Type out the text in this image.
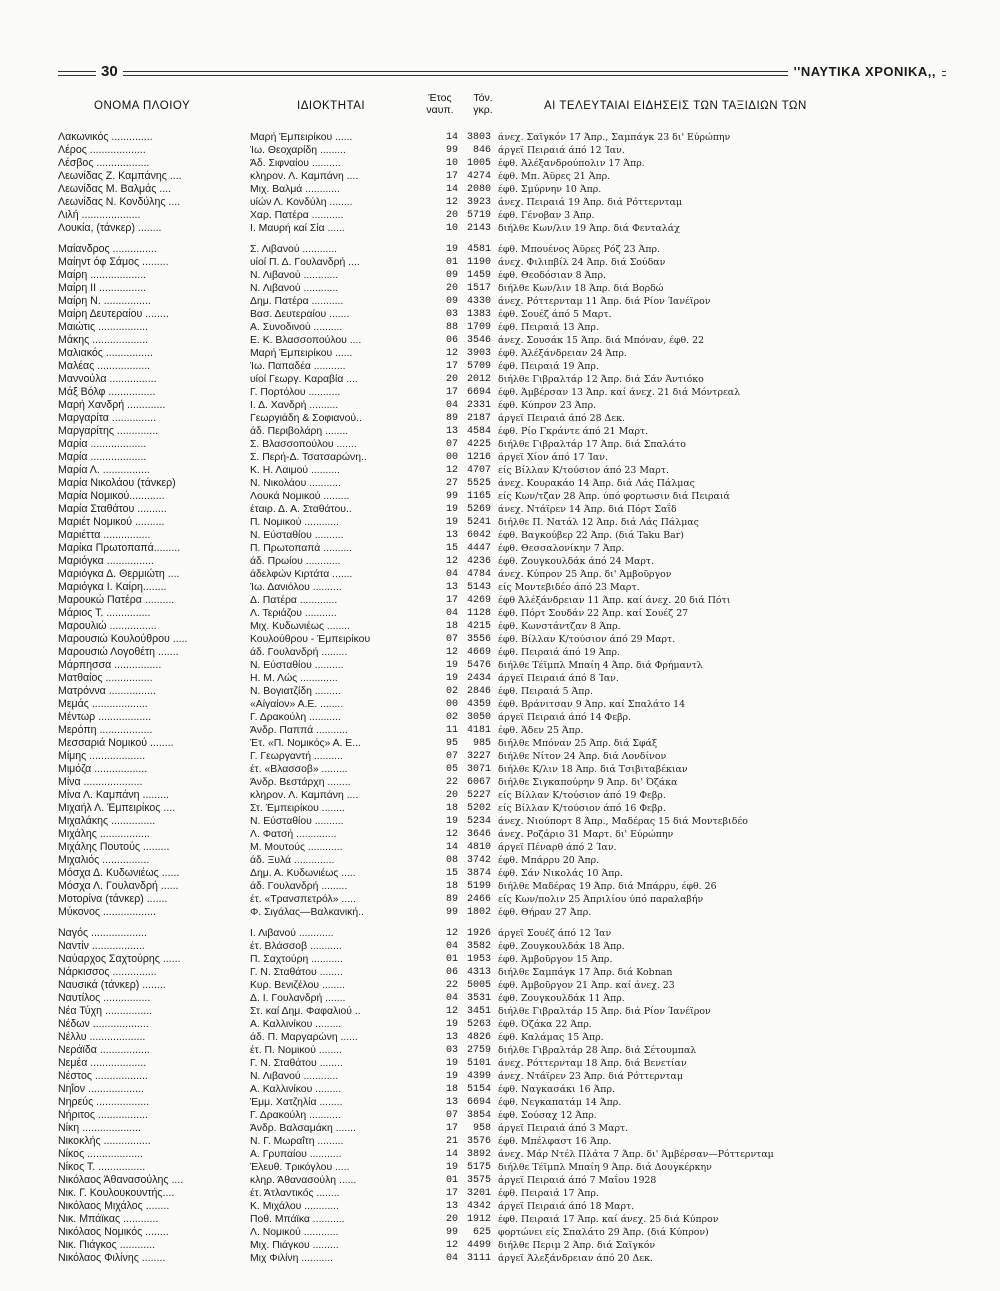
30	''ΝΑΥΤΙΚΑ ΧΡΟΝΙΚΑ,,
ΟΝΟΜΑ ΠΛΟΙΟΥ	ΙΔΙΟΚΤΗΤΑΙ
Έτος
ναυπ.
Τόν.
γκρ.	ΑΙ ΤΕΛΕΥΤΑΙΑΙ ΕΙΔΗΣΕΙΣ ΤΩΝ ΤΑΞΙΔΙΩΝ ΤΩΝ
Λακωνικός ..............	Μαρή Έμπειρίκου ......	14 3803 άνεχ. Σαϊγκόν 17 Άπρ., Σαμπάγκ 23 δι' Εύρώπην
Λέρος ...................	Ίω. Θεοχαρίδη .........	99	846 άργεϊ Πειραιά άπό 12 Ίαν.
Λέσβος ..................	Άδ. Σιφναίου ..........	10 1005 έφθ. Άλέξανδρούπολιν 17 Άπρ.
Λεωνίδας Ζ. Καμπάνης ....	κληρον. Λ. Καμπάνη ....	17 4274 έφθ. Μπ. Άϋρες 21 Άπρ.
Λεωνίδας Μ. Βαλμάς ....	Μιχ. Βαλμά ............	14 2080 έφθ. Σμύρνην 10 Άπρ.
Λεωνίδας Ν. Κονδύλης ....	υίών Λ. Κονδύλη ........	12 3923 άνεχ. Πειραιά 19 Άπρ. διά Ρόττερνταμ
Λιλή ....................	Χαρ. Πατέρα ...........	20 5719 έφθ. Γένοβαν 3 Άπρ.
Λουκία, (τάνκερ) ........	Ι. Μαυρή καί Σία ......	10 2143 διήλθε Κων/λιν 19 Άπρ. διά Φενταλάχ
Μαίανδρος ...............	Σ. Λιβανού ............	19 4581 έφθ. Μπουένος Άϋρες Ρόζ 23 Άπρ.
Μαίηντ όφ Σάμος .........	υίοί Π. Δ. Γουλανδρή ....	01 1190 άνεχ. Φιλιπβίλ 24 Άπρ. διά Σούδαν
Μαίρη ...................	Ν. Λιβανού ............	09 1459 έφθ. Θεοδόσιαν 8 Άπρ.
Μαίρη ΙΙ ................	Ν. Λιβανού ............	20 1517 διήλθε Κων/λιν 18 Άπρ. διά Βορδώ
Μαίρη Ν. ................	Δημ. Πατέρα ...........	09 4330 άνεχ. Ρόττερνταμ 11 Άπρ. διά Ρίον Ίανέϊρον
Μαίρη Δευτεραίου ........	Βασ. Δευτεραίου .......	03 1383 έφθ. Σουέζ άπό 5 Μαρτ.
Μαιώτις .................	Α. Συνοδινού ..........	88 1709 έφθ. Πειραιά 13 Άπρ.
Μάκης ...................	Ε. Κ. Βλασσοπούλου ....	06 3546 άνεχ. Σουσάκ 15 Άπρ. διά Μπόναν, έφθ. 22
Μαλιακός ................	Μαρή Έμπειρίκου ......	12 3903 έφθ. Άλέξάνδρειαν 24 Άπρ.
Μαλέας ..................	Ίω. Παπαδέα ...........	17 5709 έφθ. Πειραιά 19 Άπρ.
Μαννούλα ................	υίοί Γεωργ. Καραβία ....	20 2012 διήλθε Γιβραλτάρ 12 Άπρ. διά Σάν Άντιόκο
Μάξ Βόλφ ................	Γ. Πορτόλου ...........	17 6694 έφθ. Άμβέρσαν 13 Άπρ. καί άνεχ. 21 διά Μόντρεαλ
Μαρή Χανδρή .............	Ι. Δ. Χανδρή ..........	04 2331 έφθ. Κύπρον 23 Άπρ.
Μαργαρίτα ...............	Γεωργιάδη & Σοφιανού..	89 2187 άργεϊ Πειραιά άπό 28 Δεκ.
Μαργαρίτης ..............	άδ. Περιβολάρη ........	13 4584 έφθ. Ρίο Γκράντε άπό 21 Μαρτ.
Μαρία ...................	Σ. Βλασσοπούλου .......	07 4225 διήλθε Γιβραλτάρ 17 Άπρ. διά Σπαλάτο
Μαρία ...................	Σ. Περή-Δ. Τσατσαρώνη..	00 1216 άργεϊ Χίον άπό 17 Ίαν.
Μαρία Λ. ................	Κ. Η. Λαιμού ..........	12 4707 είς Βίλλαν Κ/τούσιον άπό 23 Μαρτ.
Μαρία Νικολάου (τάνκερ)	Ν. Νικολάου ...........	27 5525 άνεχ. Κουρακάο 14 Άπρ. διά Λάς Πάλμας
Μαρία Νομικού............	Λουκά Νομικού .........	99 1165 είς Κων/τζαν 28 Άπρ. ύπό φορτωσιν διά Πειραιά
Μαρία Σταθάτου ..........	έταιρ. Δ. Α. Σταθάτου..	19 5269 άνεχ. Ντάϊρεν 14 Άπρ. διά Πόρτ Σαΐδ
Μαριέτ Νομικού ..........	Π. Νομικού ............	19 5241 διήλθε Π. Νατάλ 12 Άπρ. διά Λάς Πάλμας
Μαριέττα ................	Ν. Εύσταθίου ..........	13 6042 έφθ. Βαγκούβερ 22 Άπρ. (διά Taku Bar)
Μαρίκα Πρωτοπαπά.........	Π. Πρωτοπαπά ..........	15 4447 έφθ. Θεσσαλονίκην 7 Άπρ.
Μαριόγκα ................	άδ. Πρωίου ............	12 4236 έφθ. Ζουγκουλδάκ άπό 24 Μαρτ.
Μαριόγκα Δ. Θερμιώτη ....	άδελφών Κιρτάτα .......	04 4784 άνεχ. Κύπρον 25 Άπρ. δι' Άμβοῦργον
Μαριόγκα Ι. Καίρη........	Ίω. Δανιόλου ..........	13 5143 είς Μοντεβιδέο άπό 23 Μαρτ.
Μαρουκώ Πατέρα ..........	Δ. Πατέρα .............	17 4269 έφθ Άλέξάνδρειαν 11 Άπρ. καί άνεχ. 20 διά Πότι
Μάριος Τ. ...............	Λ. Τεριάζου ...........	04 1128 έφθ. Πόρτ Σουδάν 22 Άπρ. καί Σουέζ 27
Μαρουλιώ ................	Μιχ. Κυδωνιέως ........	18 4215 έφθ. Κωνστάντζαν 8 Άπρ.
Μαρουσιώ Κουλούθρου .....	Κουλούθρου - Έμπειρίκου	07 3556 έφθ. Βίλλαν Κ/τούσιον άπό 29 Μαρτ.
Μαρουσιώ Λογοθέτη .......	άδ. Γουλανδρή .........	12 4669 έφθ. Πειραιά άπό 19 Άπρ.
Μάρπησσα ................	Ν. Εύσταθίου ..........	19 5476 διήλθε Τέϊμπλ Μπαίη 4 Άπρ. διά Φρήμαντλ
Ματθαίος ................	Η. Μ. Λώς .............	19 2434 άργεϊ Πειραιά άπό 8 Ίαν.
Ματρόννα ................	Ν. Βογιατζίδη .........	02 2846 έφθ. Πειραιά 5 Άπρ.
Μεμάς ...................	«Αίγαίον» Α.Ε. ........	00 4359 έφθ. Βράνιτσαν 9 Άπρ. καί Σπαλάτο 14
Μέντωρ ..................	Γ. Δρακούλη ...........	02 3050 άργεϊ Πειραιά άπό 14 Φεβρ.
Μερόπη ..................	Άνδρ. Παππά ...........	11 4181 έφθ. Άδεν 25 Άπρ.
Μεσσαριά Νομικού ........	Έτ. «Π. Νομικός» Α. Ε...	95	985 διήλθε Μπόναν 25 Άπρ. διά Σφάξ
Μίμης ...................	Γ. Γεωργαντή ..........	07 3227 διήλθε Νίτον 24 Άπρ. διά Λονδίνον
Μιμόζα ..................	έτ. «Βλασσοβ» .........	05 3071 διήλθε Κ/λιν 18 Άπρ. διά Τσιβιταβέκιαν
Μίνα ....................	Άνδρ. Βεστάρχη ........	22 6067 διήλθε Σιγκαπούρην 9 Άπρ. δι' Όζάκα
Μίνα Λ. Καμπάνη .........	κληρον. Λ. Καμπάνη ....	20 5227 είς Βίλλαν Κ/τούσιον άπό 19 Φεβρ.
Μιχαήλ Λ. Έμπειρίκος ....	Στ. Έμπειρίκου ........	18 5202 είς Βίλλαν Κ/τούσιον άπό 16 Φεβρ.
Μιχαλάκης ...............	Ν. Εύσταθίου ..........	19 5234 άνεχ. Νιούπορτ 8 Άπρ., Μαδέρας 15 διά Μοντεβιδέο
Μιχάλης .................	Λ. Φατσή ..............	12 3646 άνεχ. Ροζάριο 31 Μαρτ. δι' Εύρώπην
Μιχάλης Πουτούς .........	Μ. Μουτούς ............	14 4810 άργεϊ Πέναρθ άπό 2 Ίαν.
Μιχαλιός ................	άδ. Ξυλά ..............	08 3742 έφθ. Μπάρρυ 20 Άπρ.
Μόσχα Δ. Κυδωνιέως ......	Δημ. Α. Κυδωνιέως .....	15 3874 έφθ. Σάν Νικολάς 10 Άπρ.
Μόσχα Λ. Γουλανδρή ......	άδ. Γουλανδρή .........	18 5199 διήλθε Μαδέρας 19 Άπρ. διά Μπάρρυ, έφθ. 26
Μοτορίνα (τάνκερ) .......	έτ. «Τρανσπετρόλ» .....	89 2466 είς Κων/πολιν 25 Άπριλίου ύπό παραλαβήν
Μύκονος ..................	Φ. Σιγάλας—Βαλκανική..	99 1802 έφθ. Θήραν 27 Άπρ.
Ναγός ...................	Ι. Λιβανού ............	12 1926 άργεϊ Σουέζ άπό 12 Ίαν
Ναντίν ..................	έτ. Βλάσσοβ ...........	04 3582 έφθ. Ζουγκουλδάκ 18 Άπρ.
Ναύαρχος Σαχτούρης ......	Π. Σαχτούρη ...........	01 1953 έφθ. Άμβοῦργον 15 Άπρ.
Νάρκισσος ...............	Γ. Ν. Σταθάτου ........	06 4313 διήλθε Σαμπάγκ 17 Άπρ. διά Kobnan
Ναυσικά (τάνκερ) ........	Κυρ. Βενιζέλου ........	22 5005 έφθ. Άμβοῦργον 21 Άπρ. καί άνεχ. 23
Ναυτίλος ................	Δ. Ι. Γουλανδρή .......	04 3531 έφθ. Ζουγκουλδάκ 11 Άπρ.
Νέα Τύχη ................	Στ. καί Δημ. Φαφαλιού ..	12 3451 διήλθε Γιβραλτάρ 15 Άπρ. διά Ρίον Ίανέϊρον
Νέδων ...................	Α. Καλλινίκου .........	19 5263 έφθ. Όζάκα 22 Άπρ.
Νέλλυ ...................	άδ. Π. Μαργαρώνη ......	13 4826 έφθ. Καλάμας 15 Άπρ.
Νεράϊδα .................	έτ. Π. Νομικού ........	03 2759 διήλθε Γιβραλτάρ 28 Άπρ. διά Σέτουμπαλ
Νεμέα ...................	Γ. Ν. Σταθάτου ........	19 5101 άνεχ. Ρόττερνταμ 18 Άπρ. διά Βενετίαν
Νέστος ..................	Ν. Λιβανού ............	19 4399 άνεχ. Ντάϊρεν 23 Άπρ. διά Ρόττερνταμ
Νηΐον ...................	Α. Καλλινίκου .........	18 5154 έφθ. Ναγκασάκι 16 Άπρ.
Νηρεύς ..................	Έμμ. Χατζηλία ........	13 6694 έφθ. Νεγκαπατάμ 14 Άπρ.
Νήριτος .................	Γ. Δρακούλη ...........	07 3854 έφθ. Σούσαχ 12 Άπρ.
Νίκη ....................	Άνδρ. Βαλσαμάκη .......	17	958 άργεϊ Πειραιά άπό 3 Μαρτ.
Νικοκλής ................	Ν. Γ. Μωραΐτη .........	21 3576 έφθ. Μπέλφαστ 16 Άπρ.
Νίκος ...................	Α. Γρυπαίου ...........	14 3892 άνεχ. Μάρ Ντέλ Πλάτα 7 Άπρ. δι' Άμβέρσαν—Ρόττερνταμ
Νίκος Τ. ................	Έλευθ. Τρικόγλου .....	19 5175 διήλθε Τέϊμπλ Μπαίη 9 Άπρ. διά Δουγκέρκην
Νικόλαος Άθανασούλης ....	κληρ. Άθανασούλη ......	01 3575 άργεϊ Πειραιά άπό 7 Μαΐου 1928
Νικ. Γ. Κουλουκουντής....	έτ. Άτλαντικός ........	17 3201 έφθ. Πειραιά 17 Άπρ.
Νικόλαος Μιχάλος ........	Κ. Μιχάλου ............	13 4342 άργεϊ Πειραιά άπό 18 Μαρτ.
Νικ. Μπάϊκας ............	Ποθ. Μπάϊκα ...........	20 1912 έφθ. Πειραιά 17 Άπρ. καί άνεχ. 25 διά Κύπρον
Νικόλαος Νομικός ........	Λ. Νομικού ............	99	625 φορτώνει είς Σπαλάτο 29 Άπρ. (διά Κύπρον)
Νικ. Πιάγκος ............	Μιχ. Πιάγκου .........	12 4499 διήλθε Περιμ 2 Άπρ. διά Σαϊγκόν
Νικόλαος Φιλίνης ........	Μιχ Φιλίνη ...........	04 3111 άργεϊ Άλεξάνδρειαν άπό 20 Δεκ.
